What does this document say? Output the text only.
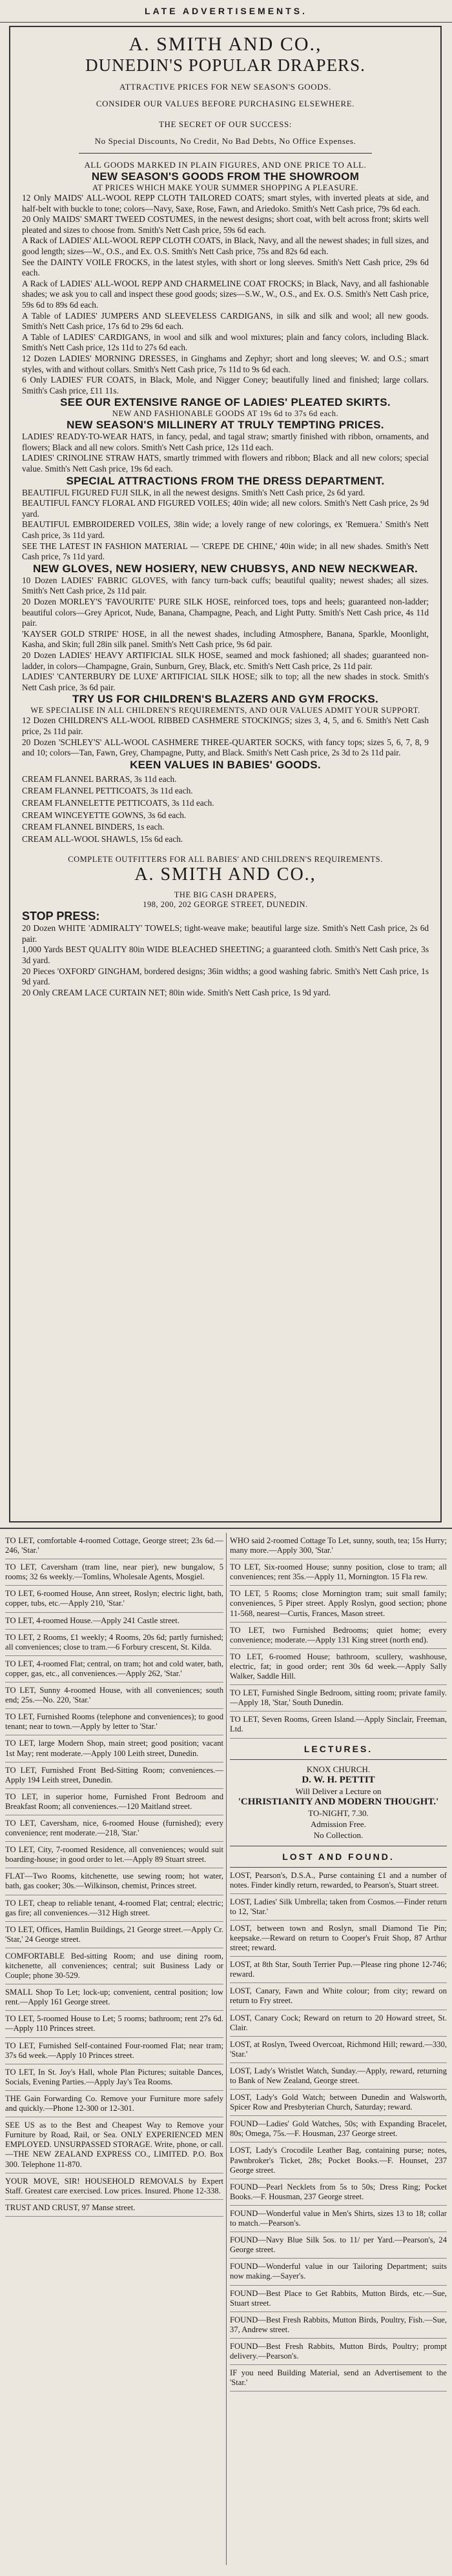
LATE ADVERTISEMENTS.

A. SMITH AND CO.,

DUNEDIN'S POPULAR DRAPERS.

ATTRACTIVE PRICES FOR NEW SEASON'S GOODS.

CONSIDER OUR VALUES BEFORE PURCHASING ELSEWHERE.

THE SECRET OF OUR SUCCESS:

No Special Discounts, No Credit, No Bad Debts, No Office Expenses.

ALL GOODS MARKED IN PLAIN FIGURES, AND ONE PRICE TO ALL.

NEW SEASON'S GOODS FROM THE SHOWROOM

AT PRICES WHICH MAKE YOUR SUMMER SHOPPING A PLEASURE.

12 Only MAIDS' ALL-WOOL REPP CLOTH TAILORED COATS; smart styles, with inverted pleats at side, and half-belt with buckle to tone; colors—Navy, Saxe, Rose, Fawn, and Ariedoko. Smith's Nett Cash price, 79s 6d each.

20 Only MAIDS' SMART TWEED COSTUMES, in the newest designs; short coat, with belt across front; skirts well pleated and sizes to choose from. Smith's Nett Cash price, 59s 6d each.

A Rack of LADIES' ALL-WOOL REPP CLOTH COATS, in Black, Navy, and all the newest shades; in full sizes, and good length; sizes—W., O.S., and Ex. O.S. Smith's Nett Cash price, 75s and 82s 6d each.

See the DAINTY VOILE FROCKS, in the latest styles, with short or long sleeves. Smith's Nett Cash price, 29s 6d each.

A Rack of LADIES' ALL-WOOL REPP AND CHARMELINE COAT FROCKS; in Black, Navy, and all fashionable shades; we ask you to call and inspect these good goods; sizes—S.W., W., O.S., and Ex. O.S. Smith's Nett Cash price, 59s 6d to 89s 6d each.

A Table of LADIES' JUMPERS AND SLEEVELESS CARDIGANS, in silk and silk and wool; all new goods. Smith's Nett Cash price, 17s 6d to 29s 6d each.

A Table of LADIES' CARDIGANS, in wool and silk and wool mixtures; plain and fancy colors, including Black. Smith's Nett Cash price, 12s 11d to 27s 6d each.

12 Dozen LADIES' MORNING DRESSES, in Ginghams and Zephyr; short and long sleeves; W. and O.S.; smart styles, with and without collars. Smith's Nett Cash price, 7s 11d to 9s 6d each.

6 Only LADIES' FUR COATS, in Black, Mole, and Nigger Coney; beautifully lined and finished; large collars. Smith's Cash price, £11 11s.

SEE OUR EXTENSIVE RANGE OF LADIES' PLEATED SKIRTS.

NEW AND FASHIONABLE GOODS AT 19s 6d to 37s 6d each.

NEW SEASON'S MILLINERY AT TRULY TEMPTING PRICES.

LADIES' READY-TO-WEAR HATS, in fancy, pedal, and tagal straw; smartly finished with ribbon, ornaments, and flowers; Black and all new colors. Smith's Nett Cash price, 12s 11d each.

LADIES' CRINOLINE STRAW HATS, smartly trimmed with flowers and ribbon; Black and all new colors; special value. Smith's Nett Cash price, 19s 6d each.

SPECIAL ATTRACTIONS FROM THE DRESS DEPARTMENT.

BEAUTIFUL FIGURED FUJI SILK, in all the newest designs. Smith's Nett Cash price, 2s 6d yard.

BEAUTIFUL FANCY FLORAL AND FIGURED VOILES; 40in wide; all new colors. Smith's Nett Cash price, 2s 9d yard.

BEAUTIFUL EMBROIDERED VOILES, 38in wide; a lovely range of new colorings, ex 'Remuera.' Smith's Nett Cash price, 3s 11d yard.

SEE THE LATEST IN FASHION MATERIAL — 'CREPE DE CHINE,' 40in wide; in all new shades. Smith's Nett Cash price, 7s 11d yard.

NEW GLOVES, NEW HOSIERY, NEW CHUBSYS, AND NEW NECKWEAR.

10 Dozen LADIES' FABRIC GLOVES, with fancy turn-back cuffs; beautiful quality; newest shades; all sizes. Smith's Nett Cash price, 2s 11d pair.

20 Dozen MORLEY'S 'FAVOURITE' PURE SILK HOSE, reinforced toes, tops and heels; guaranteed non-ladder; beautiful colors—Grey Apricot, Nude, Banana, Champagne, Peach, and Light Putty. Smith's Nett Cash price, 4s 11d pair.

'KAYSER GOLD STRIPE' HOSE, in all the newest shades, including Atmosphere, Banana, Sparkle, Moonlight, Kasha, and Skin; full 28in silk panel. Smith's Nett Cash price, 9s 6d pair.

20 Dozen LADIES' HEAVY ARTIFICIAL SILK HOSE, seamed and mock fashioned; all shades; guaranteed non-ladder, in colors—Champagne, Grain, Sunburn, Grey, Black, etc. Smith's Nett Cash price, 2s 11d pair.

LADIES' 'CANTERBURY DE LUXE' ARTIFICIAL SILK HOSE; silk to top; all the new shades in stock. Smith's Nett Cash price, 3s 6d pair.

TRY US FOR CHILDREN'S BLAZERS AND GYM FROCKS.

WE SPECIALISE IN ALL CHILDREN'S REQUIREMENTS, AND OUR VALUES ADMIT YOUR SUPPORT.

12 Dozen CHILDREN'S ALL-WOOL RIBBED CASHMERE STOCKINGS; sizes 3, 4, 5, and 6. Smith's Nett Cash price, 2s 11d pair.

20 Dozen 'SCHLEY'S' ALL-WOOL CASHMERE THREE-QUARTER SOCKS, with fancy tops; sizes 5, 6, 7, 8, 9 and 10; colors—Tan, Fawn, Grey, Champagne, Putty, and Black. Smith's Nett Cash price, 2s 3d to 2s 11d pair.

KEEN VALUES IN BABIES' GOODS.

CREAM FLANNEL BARRAS, 3s 11d each.

CREAM FLANNEL PETTICOATS, 3s 11d each.

CREAM FLANNELETTE PETTICOATS, 3s 11d each.

CREAM WINCEYETTE GOWNS, 3s 6d each.

CREAM FLANNEL BINDERS, 1s each.

CREAM ALL-WOOL SHAWLS, 15s 6d each.

COMPLETE OUTFITTERS FOR ALL BABIES' AND CHILDREN'S REQUIREMENTS.

A. SMITH AND CO.,

THE BIG CASH DRAPERS,

198, 200, 202 GEORGE STREET, DUNEDIN.

STOP PRESS:

20 Dozen WHITE 'ADMIRALTY' TOWELS; tight-weave make; beautiful large size. Smith's Nett Cash price, 2s 6d pair.

1,000 Yards BEST QUALITY 80in WIDE BLEACHED SHEETING; a guaranteed cloth. Smith's Nett Cash price, 3s 3d yard.

20 Pieces 'OXFORD' GINGHAM, bordered designs; 36in widths; a good washing fabric. Smith's Nett Cash price, 1s 9d yard.

20 Only CREAM LACE CURTAIN NET; 80in wide. Smith's Nett Cash price, 1s 9d yard.

TO LET, comfortable 4-roomed Cottage, George street; 23s 6d.—246, 'Star.'

TO LET, Caversham (tram line, near pier), new bungalow, 5 rooms; 32 6s weekly.—Tomlins, Wholesale Agents, Mosgiel.

TO LET, 6-roomed House, Ann street, Roslyn; electric light, bath, copper, tubs, etc.—Apply 210, 'Star.'

TO LET, 4-roomed House.—Apply 241 Castle street.

TO LET, 2 Rooms, £1 weekly; 4 Rooms, 20s 6d; partly furnished; all conveniences; close to tram.—6 Forbury crescent, St. Kilda.

TO LET, 4-roomed Flat; central, on tram; hot and cold water, bath, copper, gas, etc., all conveniences.—Apply 262, 'Star.'

TO LET, Sunny 4-roomed House, with all conveniences; south end; 25s.—No. 220, 'Star.'

TO LET, Furnished Rooms (telephone and conveniences); to good tenant; near to town.—Apply by letter to 'Star.'

TO LET, large Modern Shop, main street; good position; vacant 1st May; rent moderate.—Apply 100 Leith street, Dunedin.

TO LET, Furnished Front Bed-Sitting Room; conveniences.—Apply 194 Leith street, Dunedin.

TO LET, in superior home, Furnished Front Bedroom and Breakfast Room; all conveniences.—120 Maitland street.

TO LET, Caversham, nice, 6-roomed House (furnished); every convenience; rent moderate.—218, 'Star.'

TO LET, City, 7-roomed Residence, all conveniences; would suit boarding-house; in good order to let.—Apply 89 Stuart street.

FLAT—Two Rooms, kitchenette, use sewing room; hot water, bath, gas cooker; 30s.—Wilkinson, chemist, Princes street.

TO LET, cheap to reliable tenant, 4-roomed Flat; central; electric; gas fire; all conveniences.—312 High street.

TO LET, Offices, Hamlin Buildings, 21 George street.—Apply Cr. 'Star,' 24 George street.

COMFORTABLE Bed-sitting Room; and use dining room, kitchenette, all conveniences; central; suit Business Lady or Couple; phone 30-529.

SMALL Shop To Let; lock-up; convenient, central position; low rent.—Apply 161 George street.

TO LET, 5-roomed House to Let; 5 rooms; bathroom; rent 27s 6d.—Apply 110 Princes street.

TO LET, Furnished Self-contained Four-roomed Flat; near tram; 37s 6d week.—Apply 10 Princes street.

TO LET, In St. Joy's Hall, whole Plan Pictures; suitable Dances, Socials, Evening Parties.—Apply Jay's Tea Rooms.

THE Gain Forwarding Co. Remove your Furniture more safely and quickly.—Phone 12-300 or 12-301.

SEE US as to the Best and Cheapest Way to Remove your Furniture by Road, Rail, or Sea. ONLY EXPERIENCED MEN EMPLOYED. UNSURPASSED STORAGE. Write, phone, or call.—THE NEW ZEALAND EXPRESS CO., LIMITED. P.O. Box 300. Telephone 11-870.

YOUR MOVE, SIR! HOUSEHOLD REMOVALS by Expert Staff. Greatest care exercised. Low prices. Insured. Phone 12-338.

TRUST AND CRUST, 97 Manse street.

WHO said 2-roomed Cottage To Let, sunny, south, tea; 15s Hurry; many more.—Apply 300, 'Star.'

TO LET, Six-roomed House; sunny position, close to tram; all conveniences; rent 35s.—Apply 11, Mornington. 15 Fla rew.

TO LET, 5 Rooms; close Mornington tram; suit small family; conveniences, 5 Piper street. Apply Roslyn, good section; phone 11-568, nearest—Curtis, Frances, Mason street.

TO LET, two Furnished Bedrooms; quiet home; every convenience; moderate.—Apply 131 King street (north end).

TO LET, 6-roomed House; bathroom, scullery, washhouse, electric, fat; in good order; rent 30s 6d week.—Apply Sally Walker, Saddle Hill.

TO LET, Furnished Single Bedroom, sitting room; private family.—Apply 18, 'Star,' South Dunedin.

TO LET, Seven Rooms, Green Island.—Apply Sinclair, Freeman, Ltd.

LECTURES.
KNOX CHURCH.
D. W. H. PETTIT
Will Deliver a Lecture on
'CHRISTIANITY AND MODERN THOUGHT.'
TO-NIGHT, 7.30.
Admission Free.
No Collection.
LOST AND FOUND.

LOST, Pearson's, D.S.A., Purse containing £1 and a number of notes. Finder kindly return, rewarded, to Pearson's, Stuart street.

LOST, Ladies' Silk Umbrella; taken from Cosmos.—Finder return to 12, 'Star.'

LOST, between town and Roslyn, small Diamond Tie Pin; keepsake.—Reward on return to Cooper's Fruit Shop, 87 Arthur street; reward.

LOST, at 8th Star, South Terrier Pup.—Please ring phone 12-746; reward.

LOST, Canary, Fawn and White colour; from city; reward on return to Fry street.

LOST, Canary Cock; Reward on return to 20 Howard street, St. Clair.

LOST, at Roslyn, Tweed Overcoat, Richmond Hill; reward.—330, 'Star.'

LOST, Lady's Wristlet Watch, Sunday.—Apply, reward, returning to Bank of New Zealand, George street.

LOST, Lady's Gold Watch; between Dunedin and Walsworth, Spicer Row and Presbyterian Church, Saturday; reward.

FOUND—Ladies' Gold Watches, 50s; with Expanding Bracelet, 80s; Omega, 75s.—F. Housman, 237 George street.

LOST, Lady's Crocodile Leather Bag, containing purse; notes, Pawnbroker's Ticket, 28s; Pocket Books.—F. Hounset, 237 George street.

FOUND—Pearl Necklets from 5s to 50s; Dress Ring; Pocket Books.—F. Housman, 237 George street.

FOUND—Wonderful value in Men's Shirts, sizes 13 to 18; collar to match.—Pearson's.

FOUND—Navy Blue Silk 5os. to 11/ per Yard.—Pearson's, 24 George street.

FOUND—Wonderful value in our Tailoring Department; suits now making.—Sayer's.

FOUND—Best Place to Get Rabbits, Mutton Birds, etc.—Sue, Stuart street.

FOUND—Best Fresh Rabbits, Mutton Birds, Poultry, Fish.—Sue, 37, Andrew street.

FOUND—Best Fresh Rabbits, Mutton Birds, Poultry; prompt delivery.—Pearson's.

IF you need Building Material, send an Advertisement to the 'Star.'
